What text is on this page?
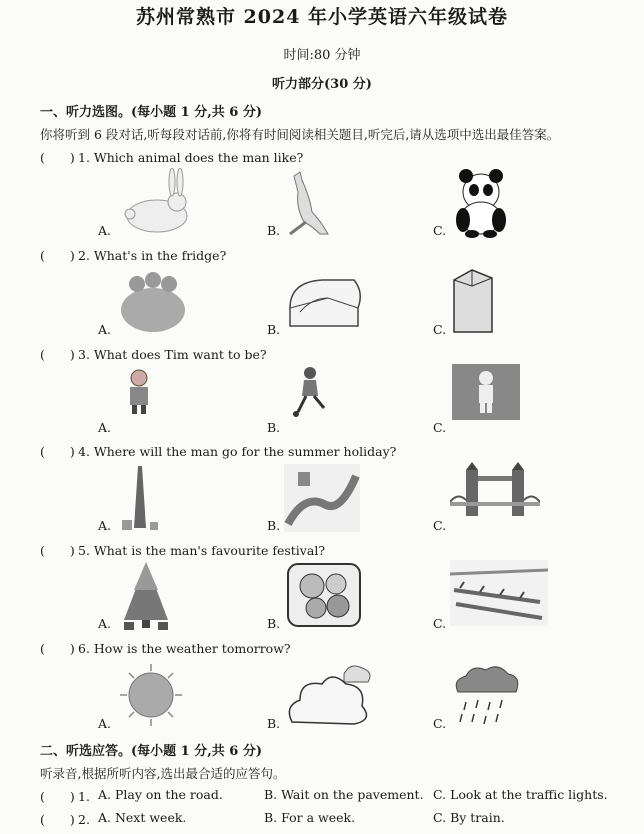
苏州常熟市 2024 年小学英语六年级试卷
时间:80 分钟
听力部分(30 分)
一、听力选图。(每小题 1 分,共 6 分)
你将听到 6 段对话,听每段对话前,你将有时间阅读相关题目,听完后,请从选项中选出最佳答案。
(　　) 1. Which animal does the man like?
A.	B.	C.
(　　) 2. What's in the fridge?
A.	B.	C.
(　　) 3. What does Tim want to be?
A.	B.	C.
(　　) 4. Where will the man go for the summer holiday?
A.	B.	C.
(　　) 5. What is the man's favourite festival?
A.	B.	C.
(　　) 6. How is the weather tomorrow?
A.	B.	C.
二、听选应答。(每小题 1 分,共 6 分)
听录音,根据所听内容,选出最合适的应答句。
(　　) 1. A. Play on the road.	B. Wait on the pavement. C. Look at the traffic lights.
(　　) 2. A. Next week.	B. For a week.	C. By train.
